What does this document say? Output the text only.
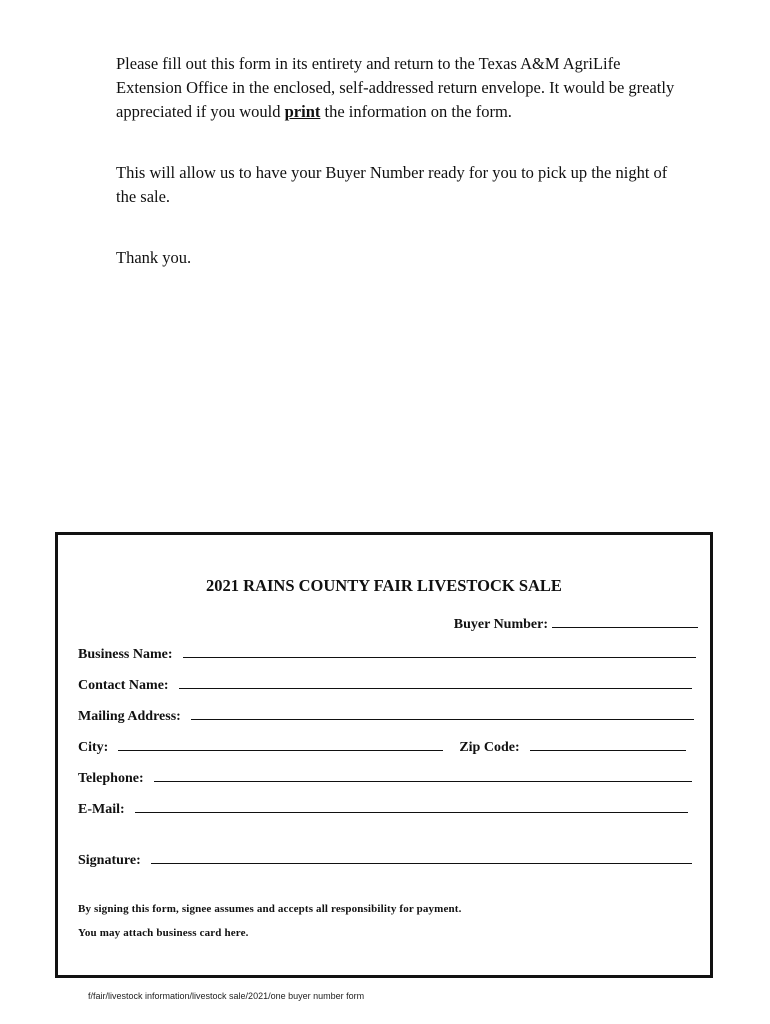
Please fill out this form in its entirety and return to the Texas A&M AgriLife Extension Office in the enclosed, self-addressed return envelope. It would be greatly appreciated if you would print the information on the form.

This will allow us to have your Buyer Number ready for you to pick up the night of the sale.

Thank you.

2021 RAINS COUNTY FAIR LIVESTOCK SALE
Buyer Number:
Business Name:
Contact Name:
Mailing Address:
City:	Zip Code:
Telephone:
E-Mail:
Signature:
By signing this form, signee assumes and accepts all responsibility for payment.
You may attach business card here.
f/fair/livestock information/livestock sale/2021/one buyer number form
